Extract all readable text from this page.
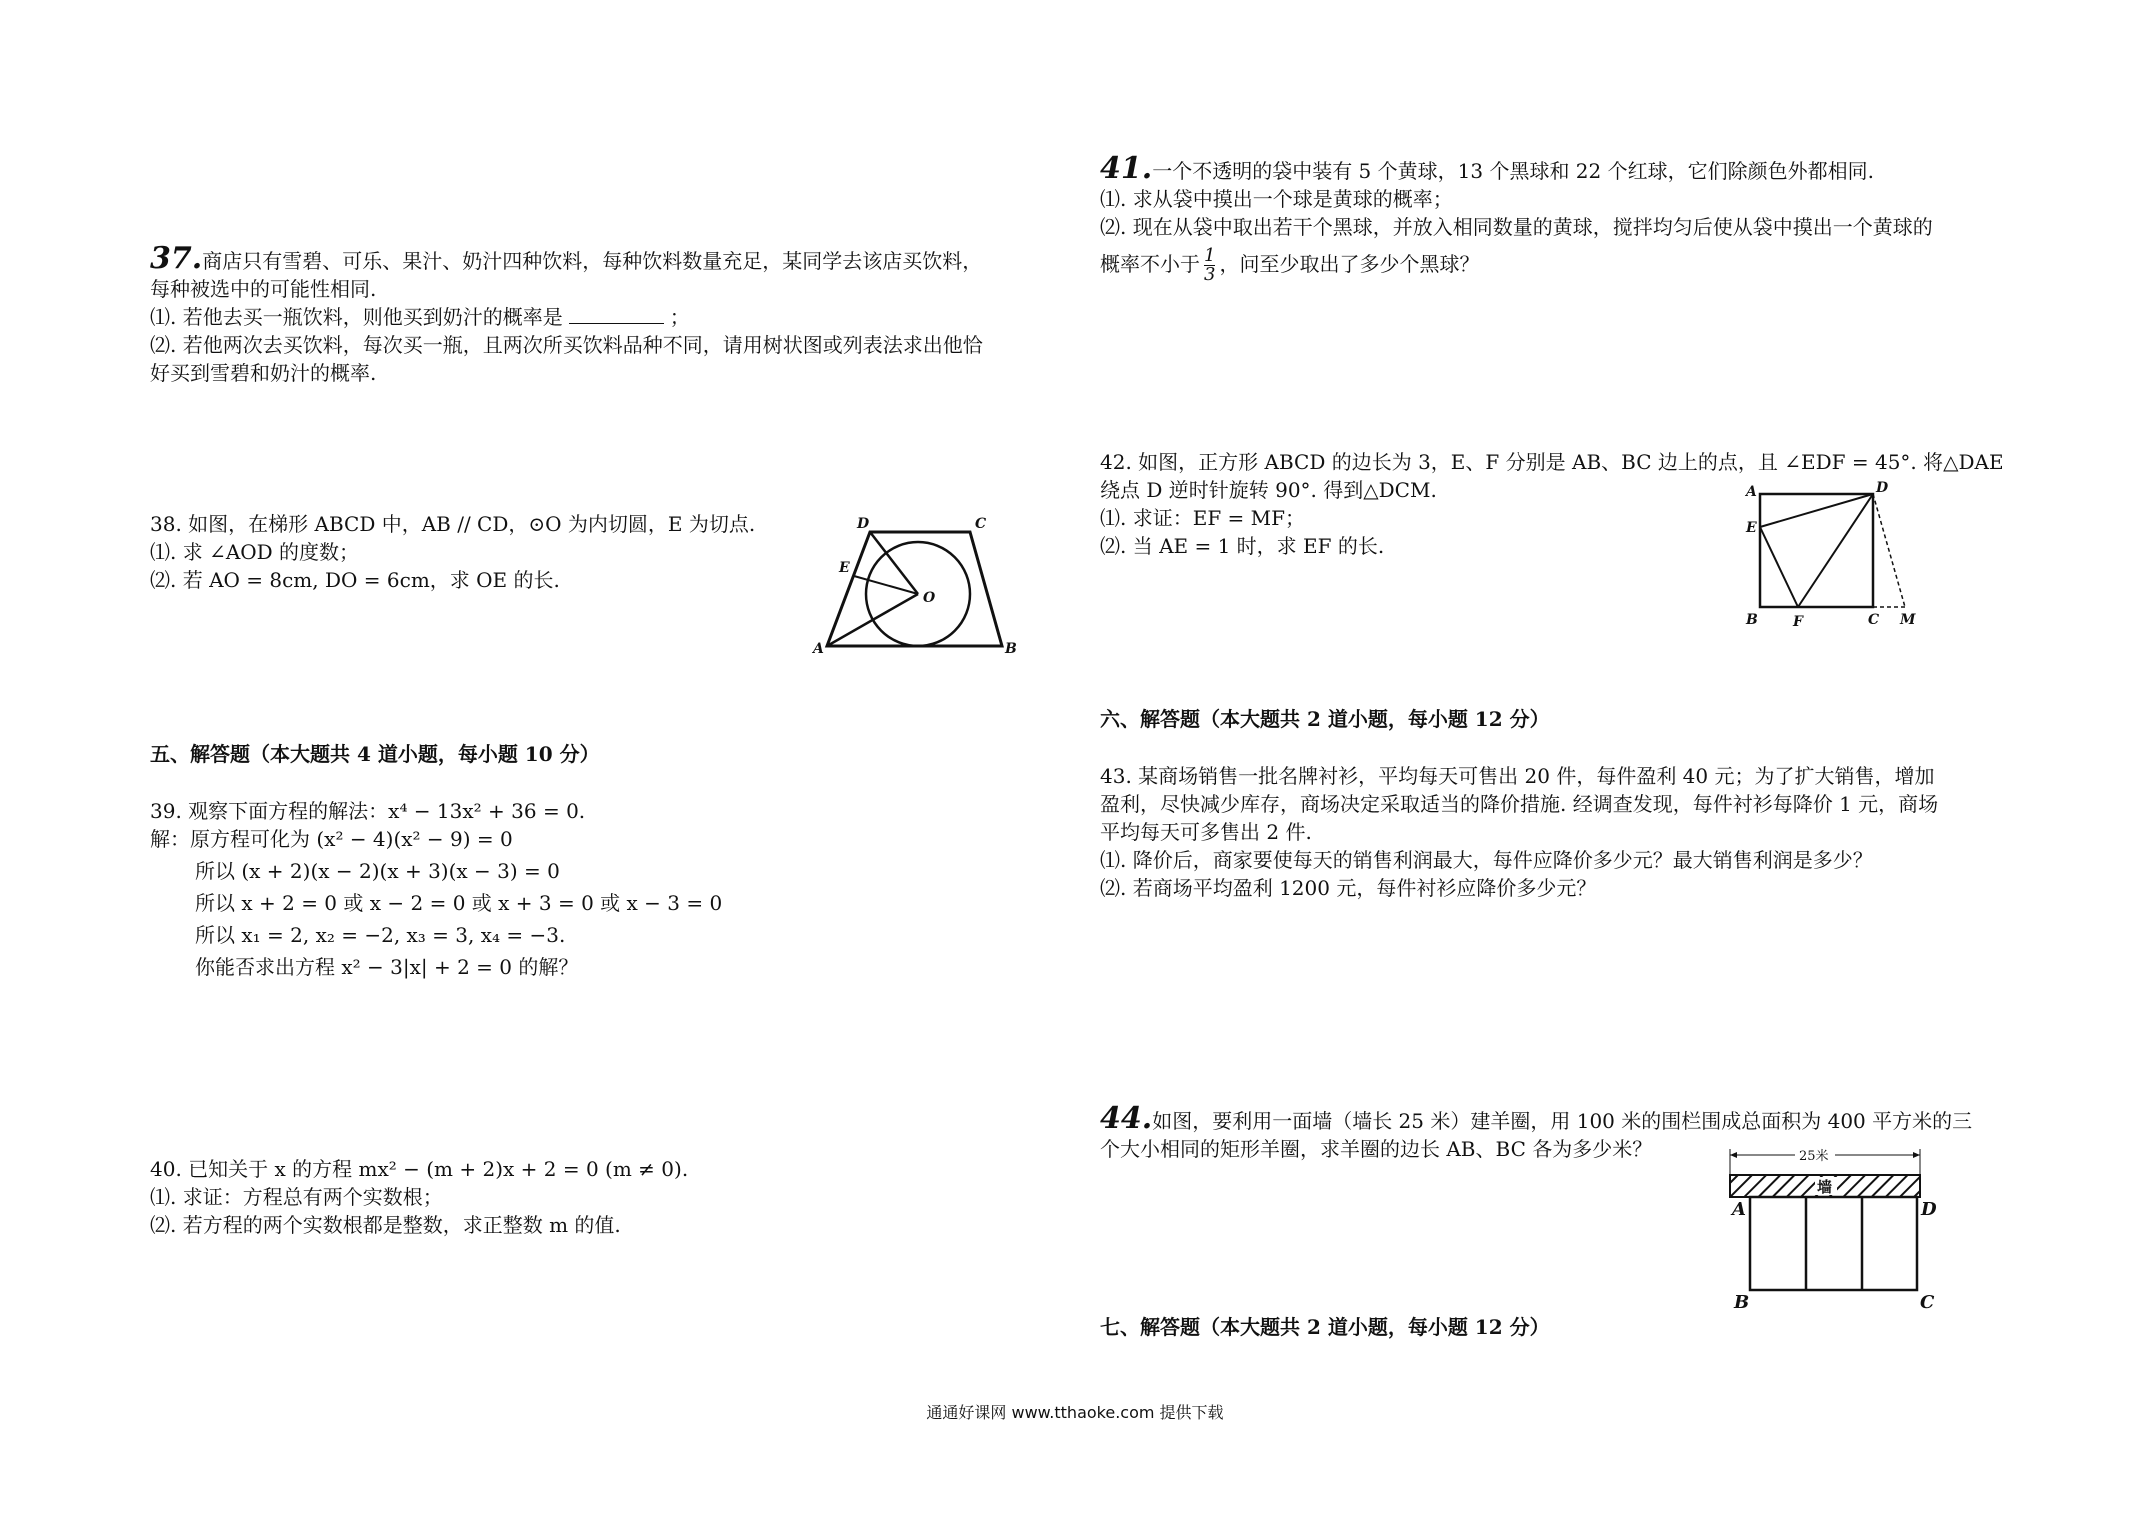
37.商店只有雪碧、可乐、果汁、奶汁四种饮料，每种饮料数量充足，某同学去该店买饮料，
每种被选中的可能性相同.
⑴. 若他去买一瓶饮料，则他买到奶汁的概率是	；
⑵. 若他两次去买饮料，每次买一瓶，且两次所买饮料品种不同，请用树状图或列表法求出他恰
好买到雪碧和奶汁的概率.
38. 如图，在梯形 ABCD 中，AB // CD，⊙O 为内切圆，E 为切点.
⑴. 求 ∠AOD 的度数；
⑵. 若 AO = 8cm, DO = 6cm，求 OE 的长.
A	B
C
D
E
O
五、解答题（本大题共 4 道小题，每小题 10 分）
39. 观察下面方程的解法：x⁴ − 13x² + 36 = 0.
解：原方程可化为 (x² − 4)(x² − 9) = 0
所以 (x + 2)(x − 2)(x + 3)(x − 3) = 0
所以 x + 2 = 0 或 x − 2 = 0 或 x + 3 = 0 或 x − 3 = 0
所以 x₁ = 2, x₂ = −2, x₃ = 3, x₄ = −3.
你能否求出方程 x² − 3|x| + 2 = 0 的解？
40. 已知关于 x 的方程 mx² − (m + 2)x + 2 = 0 (m ≠ 0).
⑴. 求证：方程总有两个实数根；
⑵. 若方程的两个实数根都是整数，求正整数 m 的值.
41.一个不透明的袋中装有 5 个黄球，13 个黑球和 22 个红球，它们除颜色外都相同.
⑴. 求从袋中摸出一个球是黄球的概率；
⑵. 现在从袋中取出若干个黑球，并放入相同数量的黄球，搅拌均匀后使从袋中摸出一个黄球的
概率不小于 $\frac{1}{3}$ ，问至少取出了多少个黑球？
42. 如图，正方形 ABCD 的边长为 3，E、F 分别是 AB、BC 边上的点，且 ∠EDF = 45°. 将△DAE
绕点 D 逆时针旋转 90°. 得到△DCM.
⑴. 求证：EF = MF；
⑵. 当 AE = 1 时，求 EF 的长.
A	D
E
B	F	C M
六、解答题（本大题共 2 道小题，每小题 12 分）
43. 某商场销售一批名牌衬衫，平均每天可售出 20 件，每件盈利 40 元；为了扩大销售，增加
盈利，尽快减少库存，商场决定采取适当的降价措施. 经调查发现，每件衬衫每降价 1 元，商场
平均每天可多售出 2 件.
⑴. 降价后，商家要使每天的销售利润最大，每件应降价多少元？最大销售利润是多少？
⑵. 若商场平均盈利 1200 元，每件衬衫应降价多少元？
44.如图，要利用一面墙（墙长 25 米）建羊圈，用 100 米的围栏围成总面积为 400 平方米的三
个大小相同的矩形羊圈，求羊圈的边长 AB、BC 各为多少米？	25米
墙
A	D
B	C
七、解答题（本大题共 2 道小题，每小题 12 分）
通通好课网 www.tthaoke.com 提供下载
